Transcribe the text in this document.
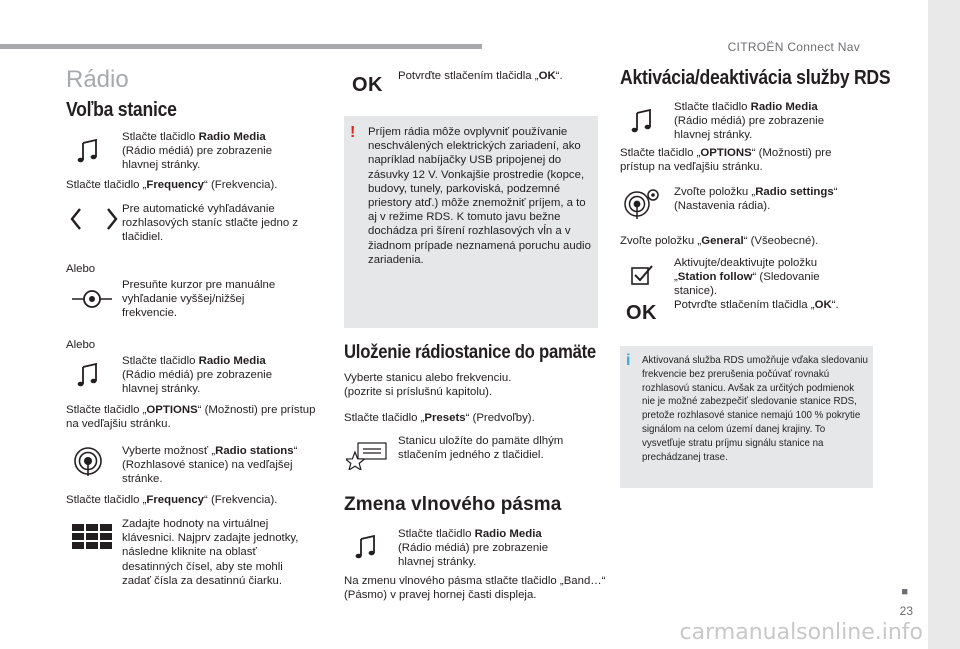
CITROËN Connect Nav
Rádio
Voľba stanice
Stlačte tlačidlo Radio Media (Rádio médiá) pre zobrazenie hlavnej stránky.
Stlačte tlačidlo „Frequency“ (Frekvencia).
Pre automatické vyhľadávanie rozhlasových staníc stlačte jedno z tlačidiel.
Alebo
Presuňte kurzor pre manuálne vyhľadanie vyššej/nižšej frekvencie.
Alebo
Stlačte tlačidlo Radio Media (Rádio médiá) pre zobrazenie hlavnej stránky.
Stlačte tlačidlo „OPTIONS“ (Možnosti) pre prístup na vedľajšiu stránku.
Vyberte možnosť „Radio stations“ (Rozhlasové stanice) na vedľajšej stránke.
Stlačte tlačidlo „Frequency“ (Frekvencia).
Zadajte hodnoty na virtuálnej klávesnici. Najprv zadajte jednotky, následne kliknite na oblasť desatinných čísel, aby ste mohli zadať čísla za desatinnú čiarku.
OK Potvrďte stlačením tlačidla „OK“.
! Príjem rádia môže ovplyvniť používanie neschválených elektrických zariadení, ako napríklad nabíjačky USB pripojenej do zásuvky 12 V. Vonkajšie prostredie (kopce, budovy, tunely, parkoviská, podzemné priestory atď.) môže znemožniť príjem, a to aj v režime RDS. K tomuto javu bežne dochádza pri šírení rozhlasových vĺn a v žiadnom prípade neznamená poruchu audio zariadenia.
Uloženie rádiostanice do pamäte
Vyberte stanicu alebo frekvenciu. (pozrite si príslušnú kapitolu).
Stlačte tlačidlo „Presets“ (Predvoľby).
Stanicu uložíte do pamäte dlhým stlačením jedného z tlačidiel.
Zmena vlnového pásma
Stlačte tlačidlo Radio Media (Rádio médiá) pre zobrazenie hlavnej stránky.
Na zmenu vlnového pásma stlačte tlačidlo „Band…“ (Pásmo) v pravej hornej časti displeja.
Aktivácia/deaktivácia služby RDS
Stlačte tlačidlo Radio Media (Rádio médiá) pre zobrazenie hlavnej stránky.
Stlačte tlačidlo „OPTIONS“ (Možnosti) pre prístup na vedľajšiu stránku.
Zvoľte položku „Radio settings“ (Nastavenia rádia).
Zvoľte položku „General“ (Všeobecné).
OK
Aktivujte/deaktivujte položku „Station follow“ (Sledovanie stanice).
Potvrďte stlačením tlačidla „OK“.
i Aktivovaná služba RDS umožňuje vďaka sledovaniu frekvencie bez prerušenia počúvať rovnakú rozhlasovú stanicu. Avšak za určitých podmienok nie je možné zabezpečiť sledovanie stanice RDS, pretože rozhlasové stanice nemajú 100 % pokrytie signálom na celom území danej krajiny. To vysvetľuje stratu príjmu signálu stanice na prechádzanej trase.
■
23
carmanualsonline.info
